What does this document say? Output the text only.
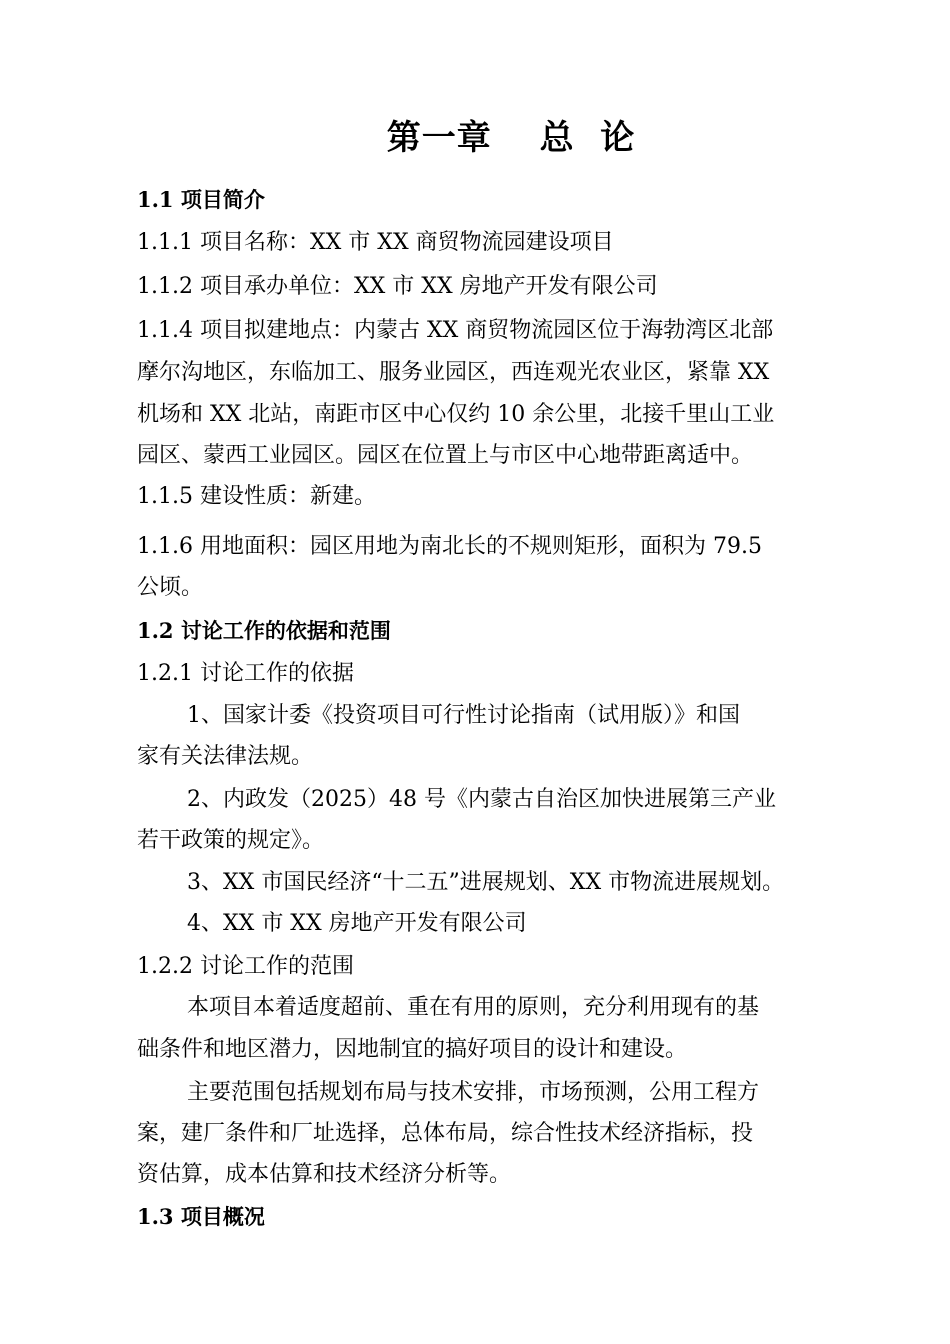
第一章　 总  论
1.1 项目简介
1.1.1 项目名称：XX 市 XX 商贸物流园建设项目
1.1.2 项目承办单位：XX 市 XX 房地产开发有限公司
1.1.4 项目拟建地点：内蒙古 XX 商贸物流园区位于海勃湾区北部
摩尔沟地区，东临加工、服务业园区，西连观光农业区，紧靠 XX
机场和 XX 北站，南距市区中心仅约 10 余公里，北接千里山工业
园区、蒙西工业园区。园区在位置上与市区中心地带距离适中。
1.1.5 建设性质：新建。
1.1.6 用地面积：园区用地为南北长的不规则矩形，面积为 79.5
公顷。
1.2 讨论工作的依据和范围
1.2.1 讨论工作的依据
1、国家计委《投资项目可行性讨论指南（试用版）》和国
家有关法律法规。
2、内政发（2025）48 号《内蒙古自治区加快进展第三产业
若干政策的规定》。
3、XX 市国民经济“十二五”进展规划、XX 市物流进展规划。
4、XX 市 XX 房地产开发有限公司
1.2.2 讨论工作的范围
本项目本着适度超前、重在有用的原则，充分利用现有的基
础条件和地区潜力，因地制宜的搞好项目的设计和建设。
主要范围包括规划布局与技术安排，市场预测，公用工程方
案，建厂条件和厂址选择，总体布局，综合性技术经济指标，投
资估算，成本估算和技术经济分析等。
1.3 项目概况
